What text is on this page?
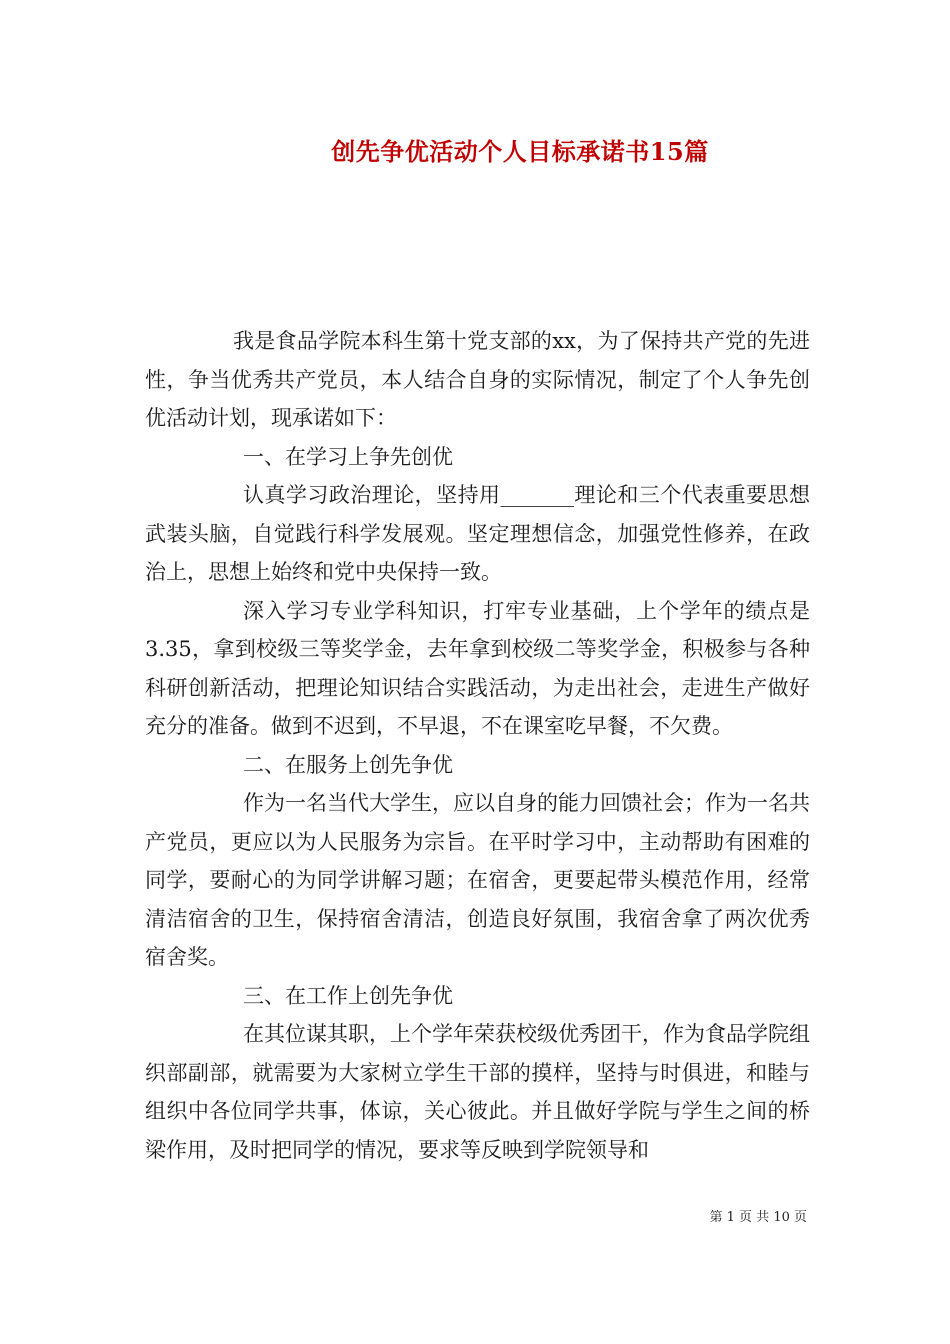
创先争优活动个人目标承诺书15篇

我是食品学院本科生第十党支部的xx，为了保持共产党的先进性，争当优秀共产党员，本人结合自身的实际情况，制定了个人争先创优活动计划，现承诺如下：

一、在学习上争先创优

认真学习政治理论，坚持用_______理论和三个代表重要思想武装头脑，自觉践行科学发展观。坚定理想信念，加强党性修养，在政治上，思想上始终和党中央保持一致。

深入学习专业学科知识，打牢专业基础，上个学年的绩点是3.35，拿到校级三等奖学金，去年拿到校级二等奖学金，积极参与各种科研创新活动，把理论知识结合实践活动，为走出社会，走进生产做好充分的准备。做到不迟到，不早退，不在课室吃早餐，不欠费。

二、在服务上创先争优

作为一名当代大学生，应以自身的能力回馈社会；作为一名共产党员，更应以为人民服务为宗旨。在平时学习中，主动帮助有困难的同学，要耐心的为同学讲解习题；在宿舍，更要起带头模范作用，经常清洁宿舍的卫生，保持宿舍清洁，创造良好氛围，我宿舍拿了两次优秀宿舍奖。

三、在工作上创先争优

在其位谋其职，上个学年荣获校级优秀团干，作为食品学院组织部副部，就需要为大家树立学生干部的摸样，坚持与时俱进，和睦与组织中各位同学共事，体谅，关心彼此。并且做好学院与学生之间的桥梁作用，及时把同学的情况，要求等反映到学院领导和

第 1 页 共 10 页
